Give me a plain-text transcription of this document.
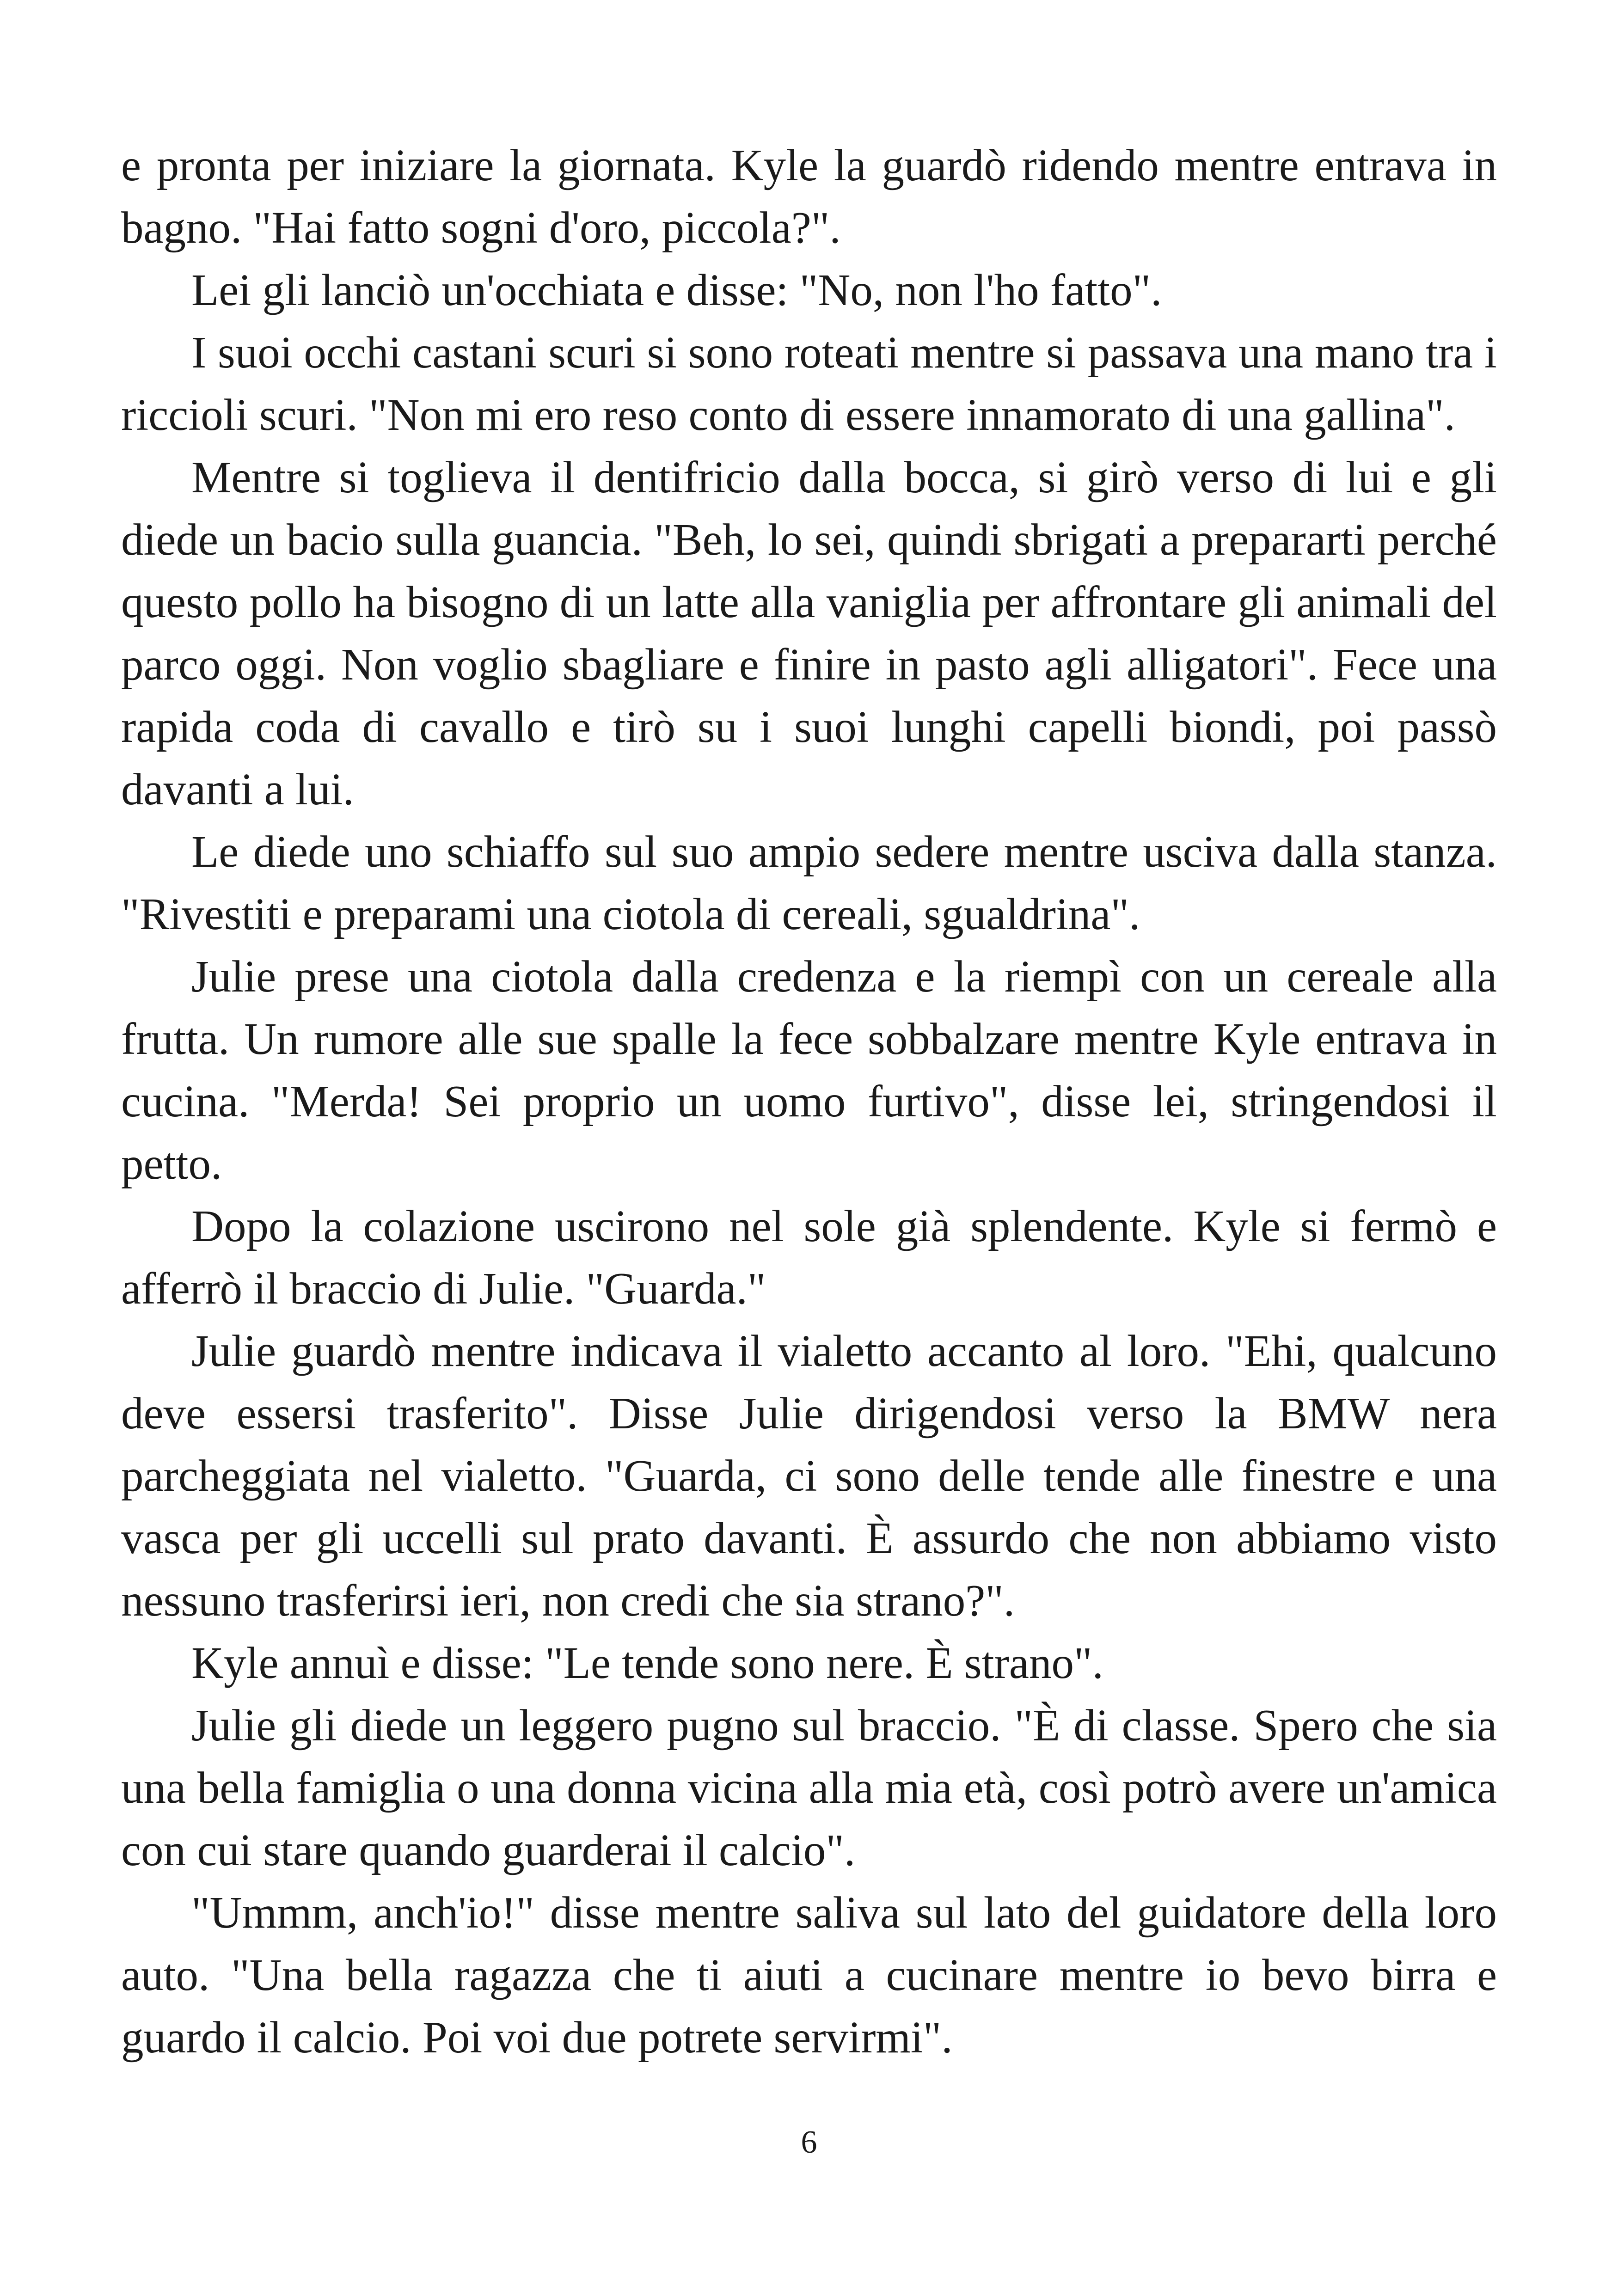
e pronta per iniziare la giornata. Kyle la guardò ridendo mentre entrava in bagno. "Hai fatto sogni d'oro, piccola?".

Lei gli lanciò un'occhiata e disse: "No, non l'ho fatto".

I suoi occhi castani scuri si sono roteati mentre si passava una mano tra i riccioli scuri. "Non mi ero reso conto di essere innamorato di una gallina".

Mentre si toglieva il dentifricio dalla bocca, si girò verso di lui e gli diede un bacio sulla guancia. "Beh, lo sei, quindi sbrigati a prepararti perché questo pollo ha bisogno di un latte alla vaniglia per affrontare gli animali del parco oggi. Non voglio sbagliare e finire in pasto agli alligatori". Fece una rapida coda di cavallo e tirò su i suoi lunghi capelli biondi, poi passò davanti a lui.

Le diede uno schiaffo sul suo ampio sedere mentre usciva dalla stanza. "Rivestiti e preparami una ciotola di cereali, sgualdrina".

Julie prese una ciotola dalla credenza e la riempì con un cereale alla frutta. Un rumore alle sue spalle la fece sobbalzare mentre Kyle entrava in cucina. "Merda! Sei proprio un uomo furtivo", disse lei, stringendosi il petto.

Dopo la colazione uscirono nel sole già splendente. Kyle si fermò e afferrò il braccio di Julie. "Guarda."

Julie guardò mentre indicava il vialetto accanto al loro. "Ehi, qualcuno deve essersi trasferito". Disse Julie dirigendosi verso la BMW nera parcheggiata nel vialetto. "Guarda, ci sono delle tende alle finestre e una vasca per gli uccelli sul prato davanti. È assurdo che non abbiamo visto nessuno trasferirsi ieri, non credi che sia strano?".

Kyle annuì e disse: "Le tende sono nere. È strano".

Julie gli diede un leggero pugno sul braccio. "È di classe. Spero che sia una bella famiglia o una donna vicina alla mia età, così potrò avere un'amica con cui stare quando guarderai il calcio".

"Ummm, anch'io!" disse mentre saliva sul lato del guidatore della loro auto. "Una bella ragazza che ti aiuti a cucinare mentre io bevo birra e guardo il calcio. Poi voi due potrete servirmi".

6
